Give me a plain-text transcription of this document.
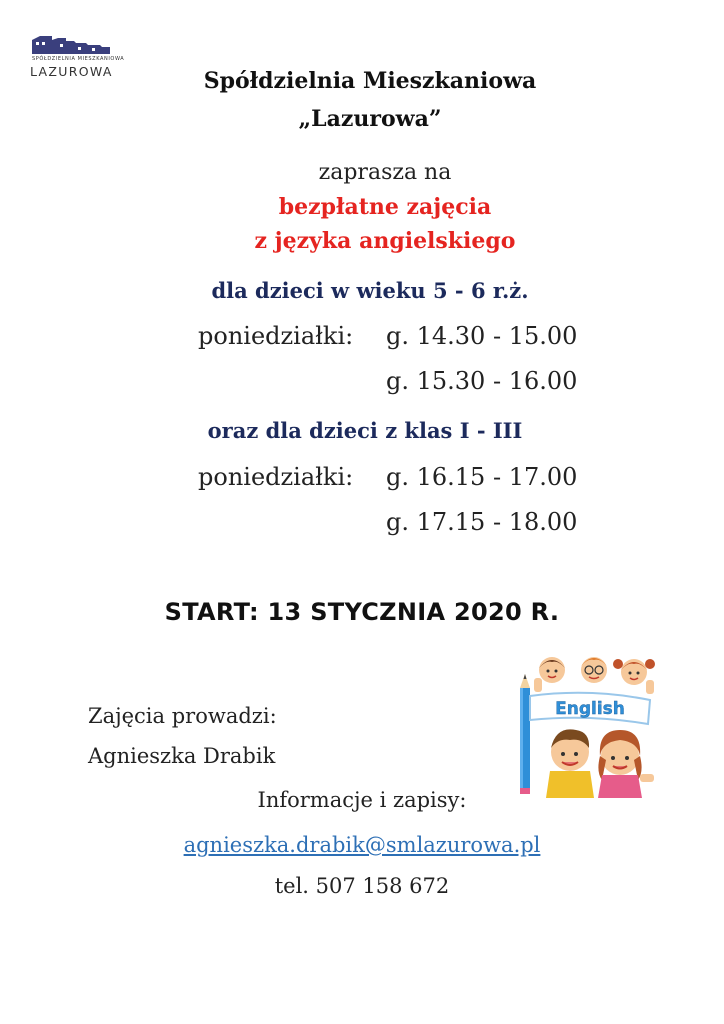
SPÓŁDZIELNIA MIESZKANIOWA
LAZUROWA	Spółdzielnia Mieszkaniowa
„Lazurowa”
zaprasza na
bezpłatne zajęcia
z języka angielskiego
dla dzieci w wieku 5 - 6 r.ż.
poniedziałki: g. 14.30 - 15.00
g. 15.30 - 16.00
oraz dla dzieci z klas I - III
poniedziałki: g. 16.15 - 17.00
g. 17.15 - 18.00
START: 13 STYCZNIA 2020 R.
Zajęcia prowadzi:
Agnieszka Drabik
Informacje i zapisy:
agnieszka.drabik@smlazurowa.pl
tel. 507 158 672
English
